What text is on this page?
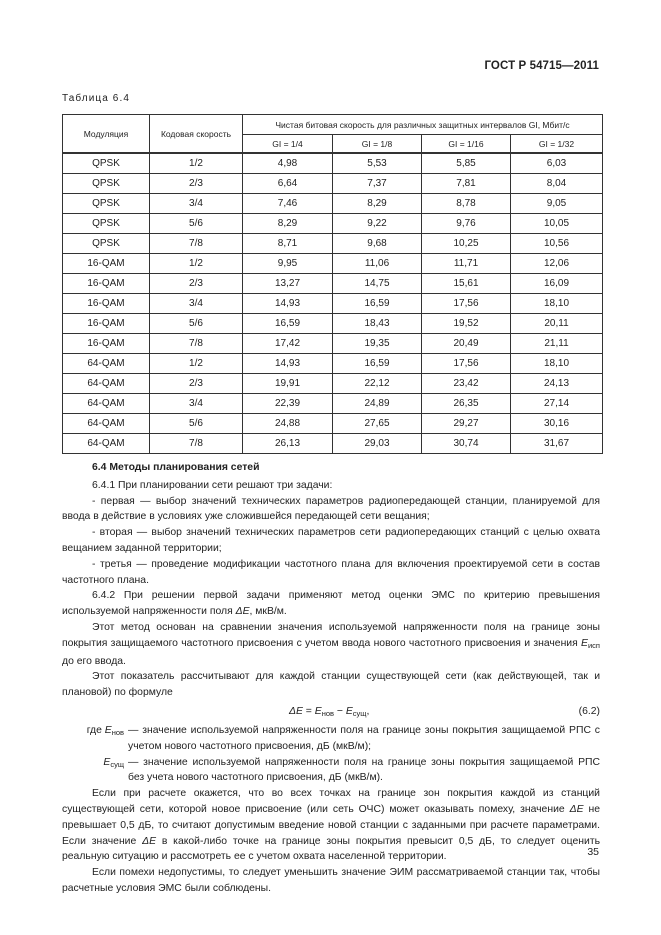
ГОСТ Р 54715—2011
Таблица 6.4
Модуляция	Кодовая скорость	Чистая битовая скорость для различных защитных интервалов GI, Мбит/с			
		GI = 1/4	GI = 1/8	GI = 1/16	GI = 1/32
QPSK	1/2	4,98	5,53	5,85	6,03
QPSK	2/3	6,64	7,37	7,81	8,04
QPSK	3/4	7,46	8,29	8,78	9,05
QPSK	5/6	8,29	9,22	9,76	10,05
QPSK	7/8	8,71	9,68	10,25	10,56
16-QAM	1/2	9,95	11,06	11,71	12,06
16-QAM	2/3	13,27	14,75	15,61	16,09
16-QAM	3/4	14,93	16,59	17,56	18,10
16-QAM	5/6	16,59	18,43	19,52	20,11
16-QAM	7/8	17,42	19,35	20,49	21,11
64-QAM	1/2	14,93	16,59	17,56	18,10
64-QAM	2/3	19,91	22,12	23,42	24,13
64-QAM	3/4	22,39	24,89	26,35	27,14
64-QAM	5/6	24,88	27,65	29,27	30,16
64-QAM	7/8	26,13	29,03	30,74	31,67

6.4 Методы планирования сетей

6.4.1 При планировании сети решают три задачи:

- первая — выбор значений технических параметров радиопередающей станции, планируемой для ввода в действие в условиях уже сложившейся передающей сети вещания;

- вторая — выбор значений технических параметров сети радиопередающих станций с целью охвата вещанием заданной территории;

- третья — проведение модификации частотного плана для включения проектируемой сети в состав частотного плана.

6.4.2 При решении первой задачи применяют метод оценки ЭМС по критерию превышения используемой напряженности поля ΔE, мкВ/м.

Этот метод основан на сравнении значения используемой напряженности поля на границе зоны покрытия защищаемого частотного присвоения с учетом ввода нового частотного присвоения и значения $E_{исп}$ до его ввода.

Этот показатель рассчитывают для каждой станции существующей сети (как действующей, так и плановой) по формуле

$\Delta E = E_{нов} - E_{сущ}$,	(6.2)
где $E_{нов}$ — значение используемой напряженности поля на границе зоны покрытия защищаемой РПС с учетом нового частотного присвоения, дБ (мкВ/м);
$E_{сущ}$ — значение используемой напряженности поля на границе зоны покрытия защищаемой РПС без учета нового частотного присвоения, дБ (мкВ/м).

Если при расчете окажется, что во всех точках на границе зон покрытия каждой из станций существующей сети, которой новое присвоение (или сеть ОЧС) может оказывать помеху, значение ΔE не превышает 0,5 дБ, то считают допустимым введение новой станции с заданными при расчете параметрами. Если значение ΔE в какой-либо точке на границе зоны покрытия превысит 0,5 дБ, то следует оценить реальную ситуацию и рассмотреть ее с учетом охвата населенной территории.

Если помехи недопустимы, то следует уменьшить значение ЭИМ рассматриваемой станции так, чтобы расчетные условия ЭМС были соблюдены.

35
